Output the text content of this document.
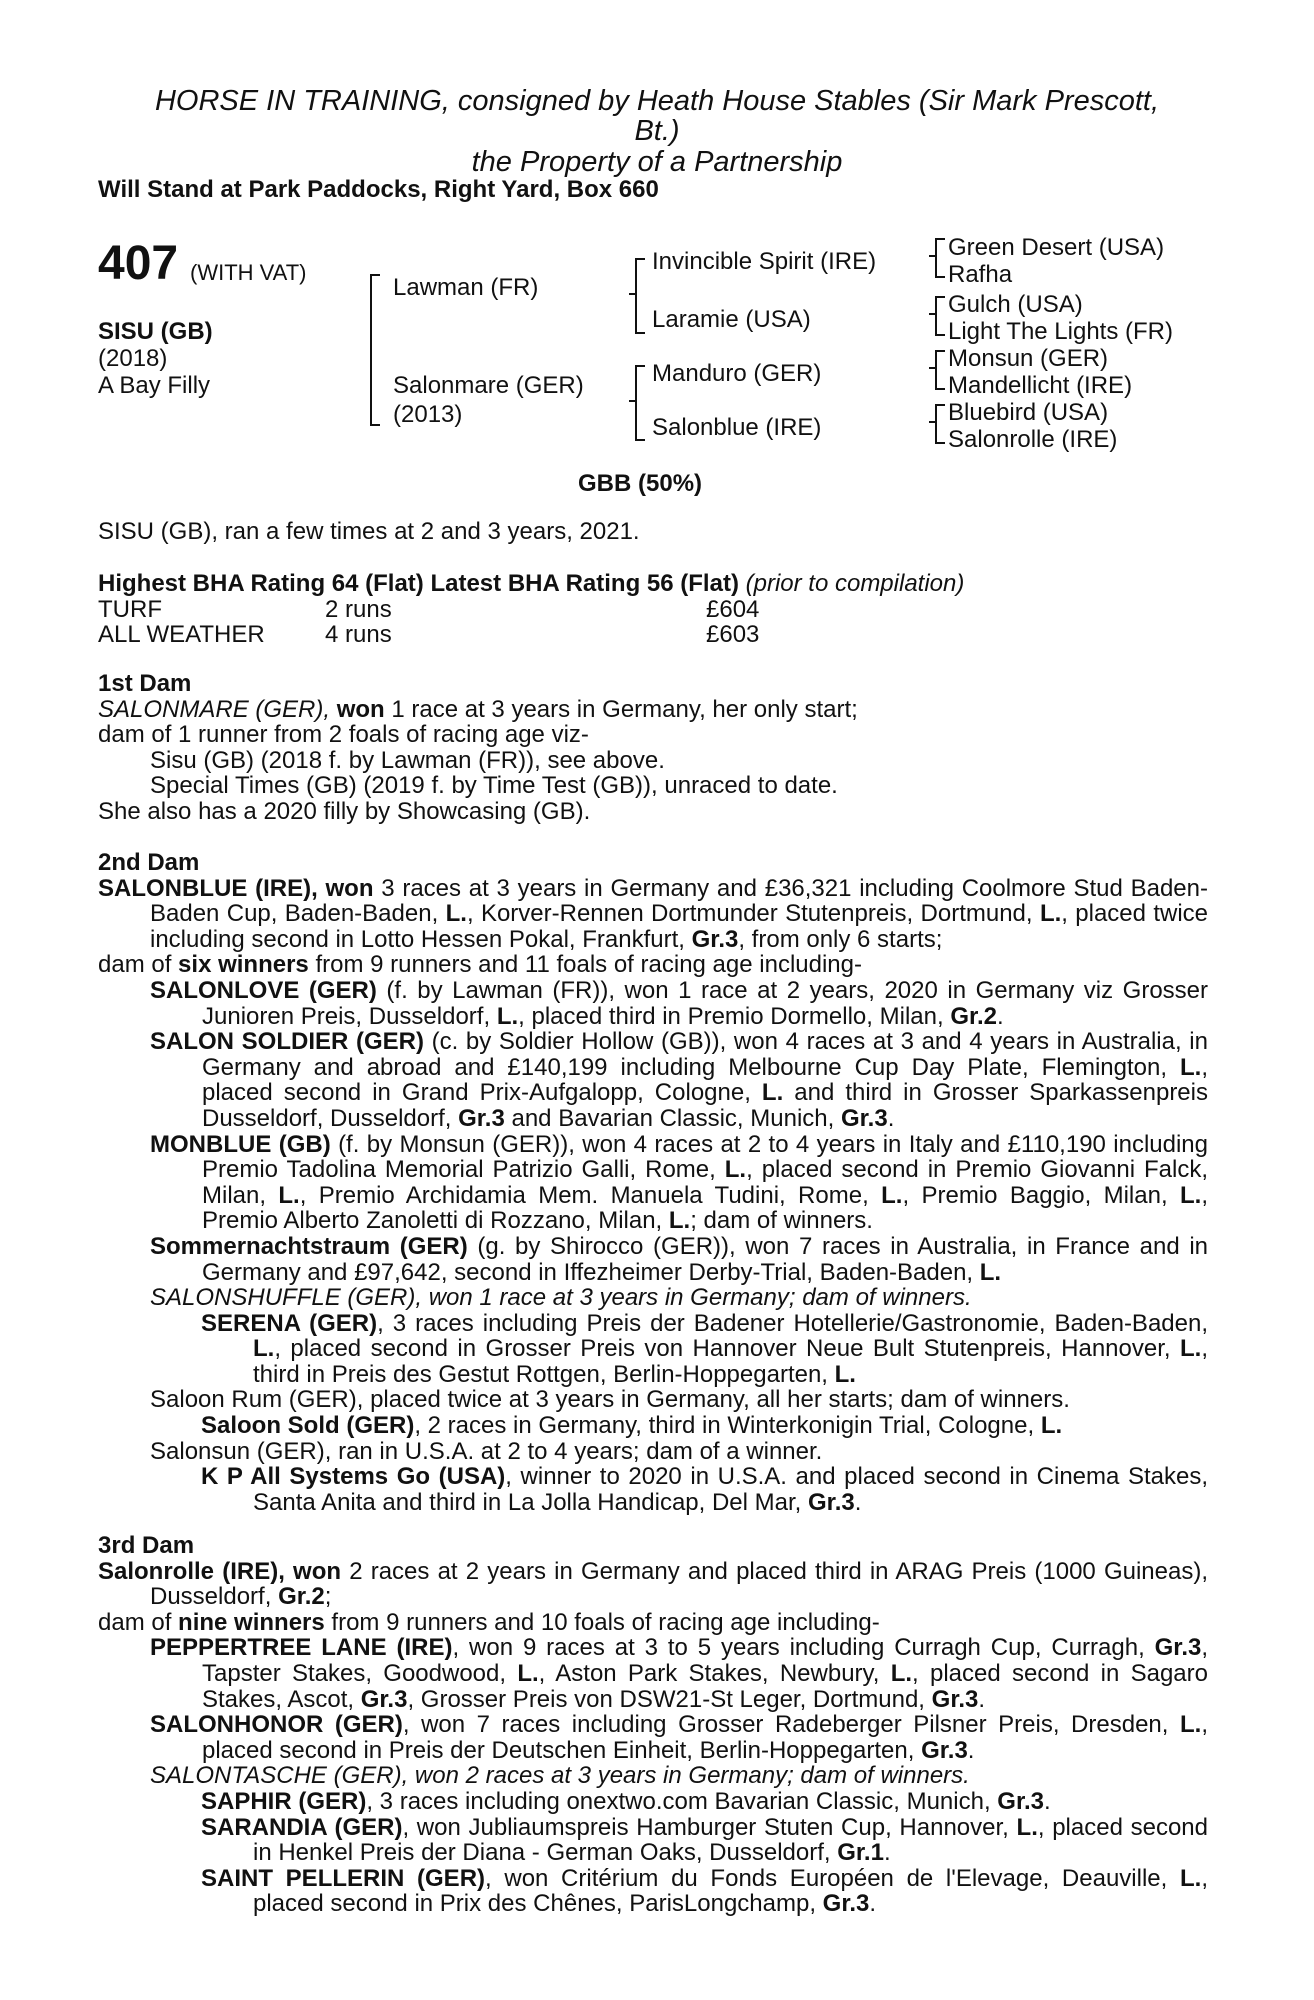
HORSE IN TRAINING, consigned by Heath House Stables (Sir Mark Prescott,
Bt.)
the Property of a Partnership
Will Stand at Park Paddocks, Right Yard, Box 660
407 (WITH VAT)
SISU (GB)
(2018)
A Bay Filly
Lawman (FR)
Salonmare (GER)
(2013)
Invincible Spirit (IRE)
Laramie (USA)
Manduro (GER)
Salonblue (IRE)
Green Desert (USA)
Rafha
Gulch (USA)
Light The Lights (FR)
Monsun (GER)
Mandellicht (IRE)
Bluebird (USA)
Salonrolle (IRE)
GBB (50%)
SISU (GB), ran a few times at 2 and 3 years, 2021.
Highest BHA Rating 64 (Flat) Latest BHA Rating 56 (Flat) (prior to compilation)
TURF	2 runs	£604
ALL WEATHER	4 runs	£603

1st Dam

SALONMARE (GER), won 1 race at 3 years in Germany, her only start;

dam of 1 runner from 2 foals of racing age viz-

Sisu (GB) (2018 f. by Lawman (FR)), see above.

Special Times (GB) (2019 f. by Time Test (GB)), unraced to date.

She also has a 2020 filly by Showcasing (GB).

2nd Dam

SALONBLUE (IRE), won 3 races at 3 years in Germany and £36,321 including Coolmore Stud Baden-Baden Cup, Baden-Baden, L., Korver-Rennen Dortmunder Stutenpreis, Dortmund, L., placed twice including second in Lotto Hessen Pokal, Frankfurt, Gr.3, from only 6 starts;

dam of six winners from 9 runners and 11 foals of racing age including-

SALONLOVE (GER) (f. by Lawman (FR)), won 1 race at 2 years, 2020 in Germany viz Grosser Junioren Preis, Dusseldorf, L., placed third in Premio Dormello, Milan, Gr.2.

SALON SOLDIER (GER) (c. by Soldier Hollow (GB)), won 4 races at 3 and 4 years in Australia, in Germany and abroad and £140,199 including Melbourne Cup Day Plate, Flemington, L., placed second in Grand Prix-Aufgalopp, Cologne, L. and third in Grosser Sparkassenpreis Dusseldorf, Dusseldorf, Gr.3 and Bavarian Classic, Munich, Gr.3.

MONBLUE (GB) (f. by Monsun (GER)), won 4 races at 2 to 4 years in Italy and £110,190 including Premio Tadolina Memorial Patrizio Galli, Rome, L., placed second in Premio Giovanni Falck, Milan, L., Premio Archidamia Mem. Manuela Tudini, Rome, L., Premio Baggio, Milan, L., Premio Alberto Zanoletti di Rozzano, Milan, L.; dam of winners.

Sommernachtstraum (GER) (g. by Shirocco (GER)), won 7 races in Australia, in France and in Germany and £97,642, second in Iffezheimer Derby-Trial, Baden-Baden, L.

SALONSHUFFLE (GER), won 1 race at 3 years in Germany; dam of winners.

SERENA (GER), 3 races including Preis der Badener Hotellerie/Gastronomie, Baden-Baden, L., placed second in Grosser Preis von Hannover Neue Bult Stutenpreis, Hannover, L., third in Preis des Gestut Rottgen, Berlin-Hoppegarten, L.

Saloon Rum (GER), placed twice at 3 years in Germany, all her starts; dam of winners.

Saloon Sold (GER), 2 races in Germany, third in Winterkonigin Trial, Cologne, L.

Salonsun (GER), ran in U.S.A. at 2 to 4 years; dam of a winner.

K P All Systems Go (USA), winner to 2020 in U.S.A. and placed second in Cinema Stakes, Santa Anita and third in La Jolla Handicap, Del Mar, Gr.3.

3rd Dam

Salonrolle (IRE), won 2 races at 2 years in Germany and placed third in ARAG Preis (1000 Guineas), Dusseldorf, Gr.2;

dam of nine winners from 9 runners and 10 foals of racing age including-

PEPPERTREE LANE (IRE), won 9 races at 3 to 5 years including Curragh Cup, Curragh, Gr.3, Tapster Stakes, Goodwood, L., Aston Park Stakes, Newbury, L., placed second in Sagaro Stakes, Ascot, Gr.3, Grosser Preis von DSW21-St Leger, Dortmund, Gr.3.

SALONHONOR (GER), won 7 races including Grosser Radeberger Pilsner Preis, Dresden, L., placed second in Preis der Deutschen Einheit, Berlin-Hoppegarten, Gr.3.

SALONTASCHE (GER), won 2 races at 3 years in Germany; dam of winners.

SAPHIR (GER), 3 races including onextwo.com Bavarian Classic, Munich, Gr.3.

SARANDIA (GER), won Jubliaumspreis Hamburger Stuten Cup, Hannover, L., placed second in Henkel Preis der Diana - German Oaks, Dusseldorf, Gr.1.

SAINT PELLERIN (GER), won Critérium du Fonds Européen de l'Elevage, Deauville, L., placed second in Prix des Chênes, ParisLongchamp, Gr.3.
